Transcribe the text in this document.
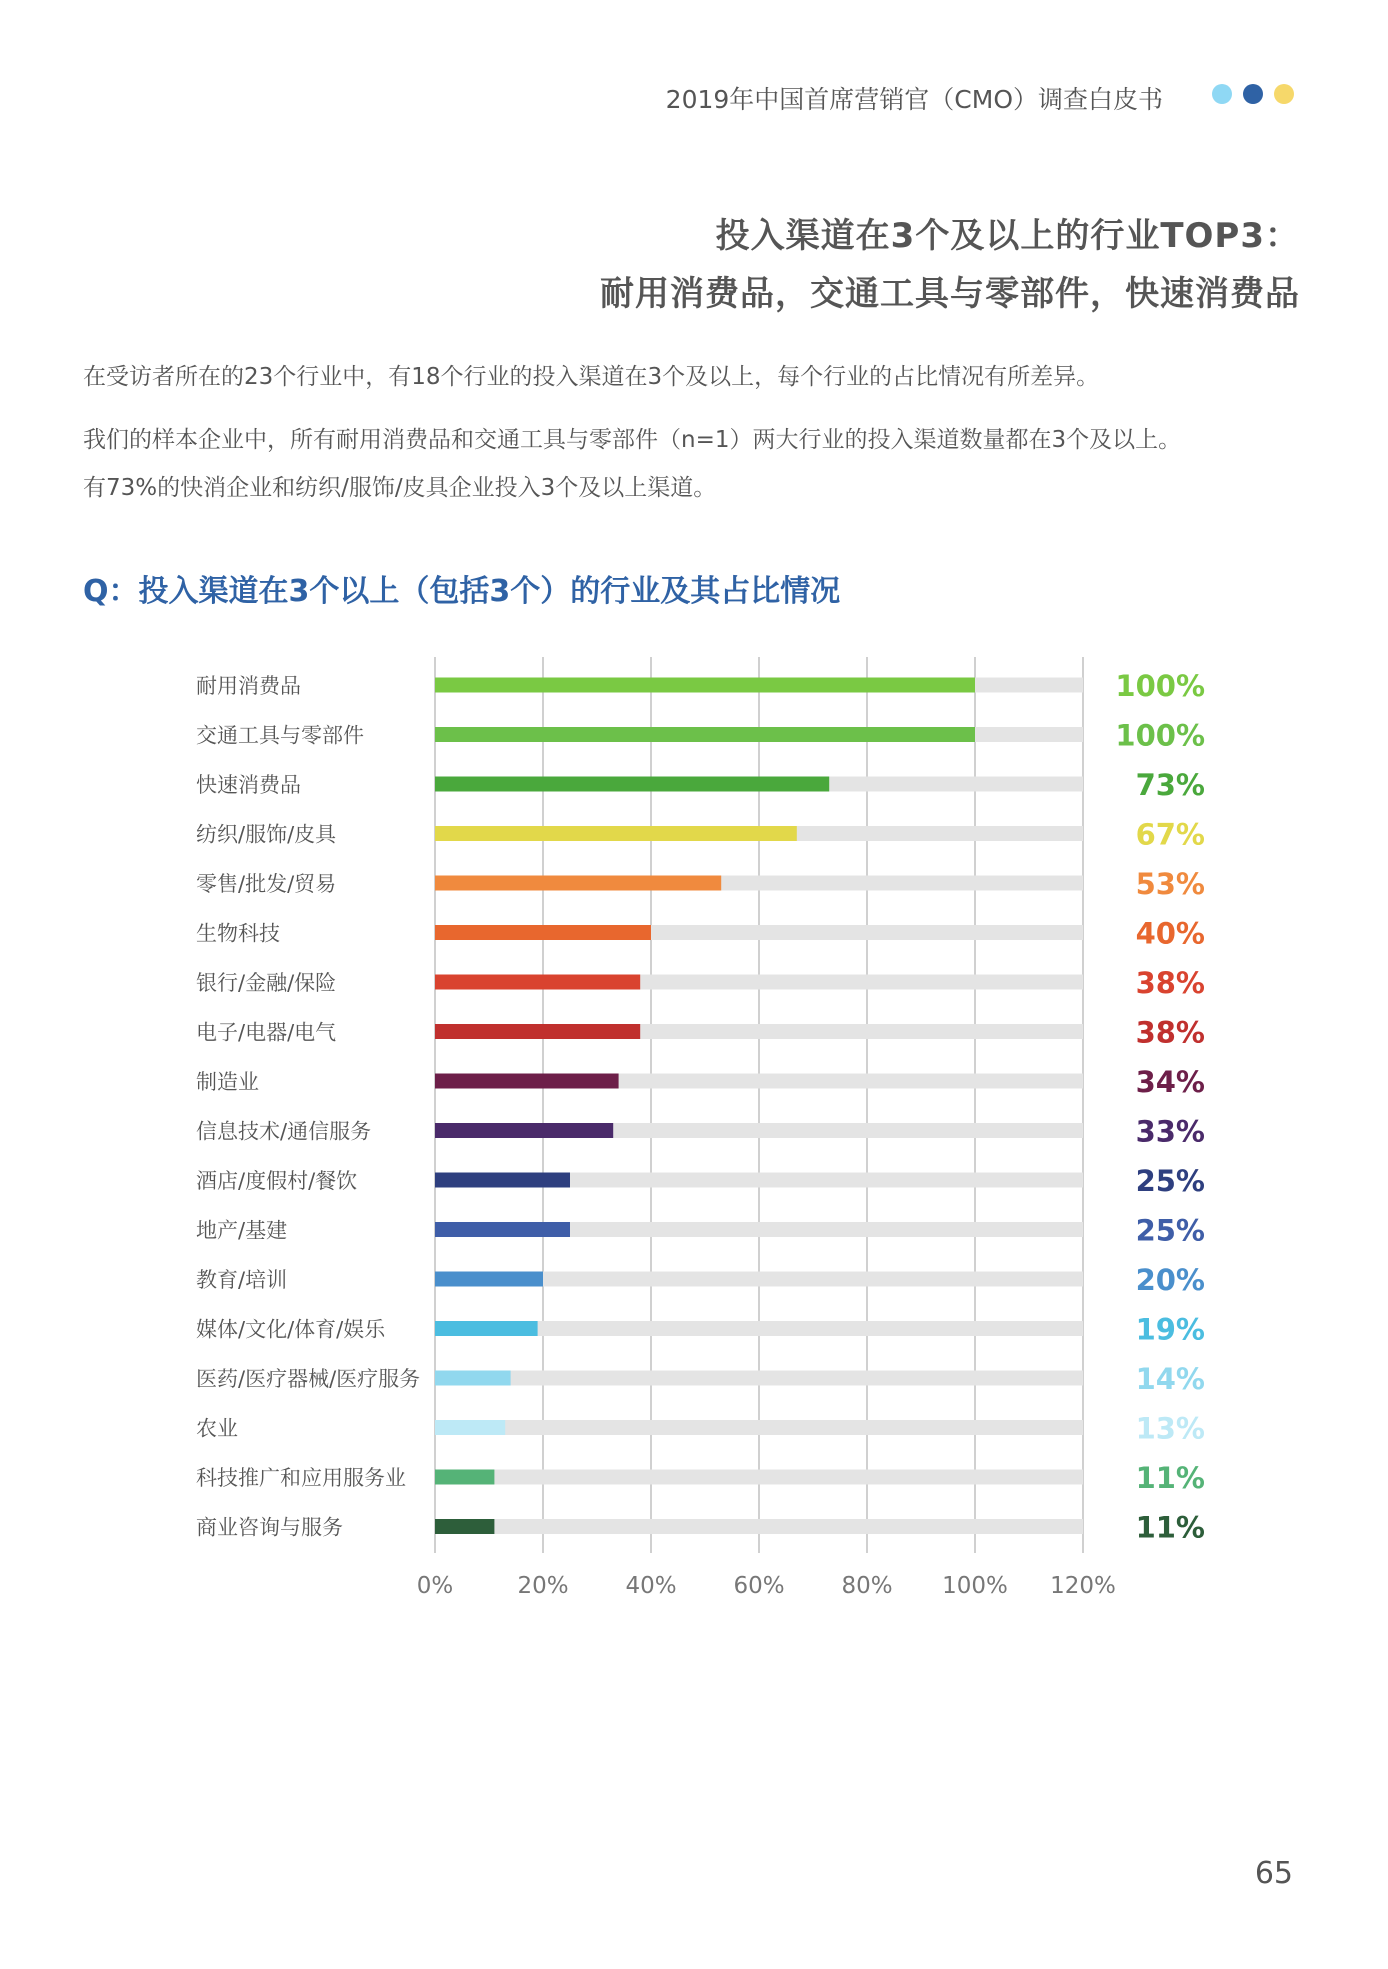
2019年中国首席营销官（CMO）调查白皮书
投入渠道在3个及以上的行业TOP3：
耐用消费品，交通工具与零部件，快速消费品
在受访者所在的23个行业中，有18个行业的投入渠道在3个及以上，每个行业的占比情况有所差异。
我们的样本企业中，所有耐用消费品和交通工具与零部件（n=1）两大行业的投入渠道数量都在3个及以上。
有73%的快消企业和纺织/服饰/皮具企业投入3个及以上渠道。
Q：投入渠道在3个以上（包括3个）的行业及其占比情况
耐用消费品	100%
交通工具与零部件	100%
快速消费品	73%
纺织/服饰/皮具	67%
零售/批发/贸易	53%
生物科技	40%
银行/金融/保险	38%
电子/电器/电气	38%
制造业	34%
信息技术/通信服务	33%
酒店/度假村/餐饮	25%
地产/基建	25%
教育/培训	20%
媒体/文化/体育/娱乐	19%
医药/医疗器械/医疗服务	14%
农业	13%
科技推广和应用服务业	11%
商业咨询与服务	11%
0%	20% 40% 60% 80% 100% 120%
65
